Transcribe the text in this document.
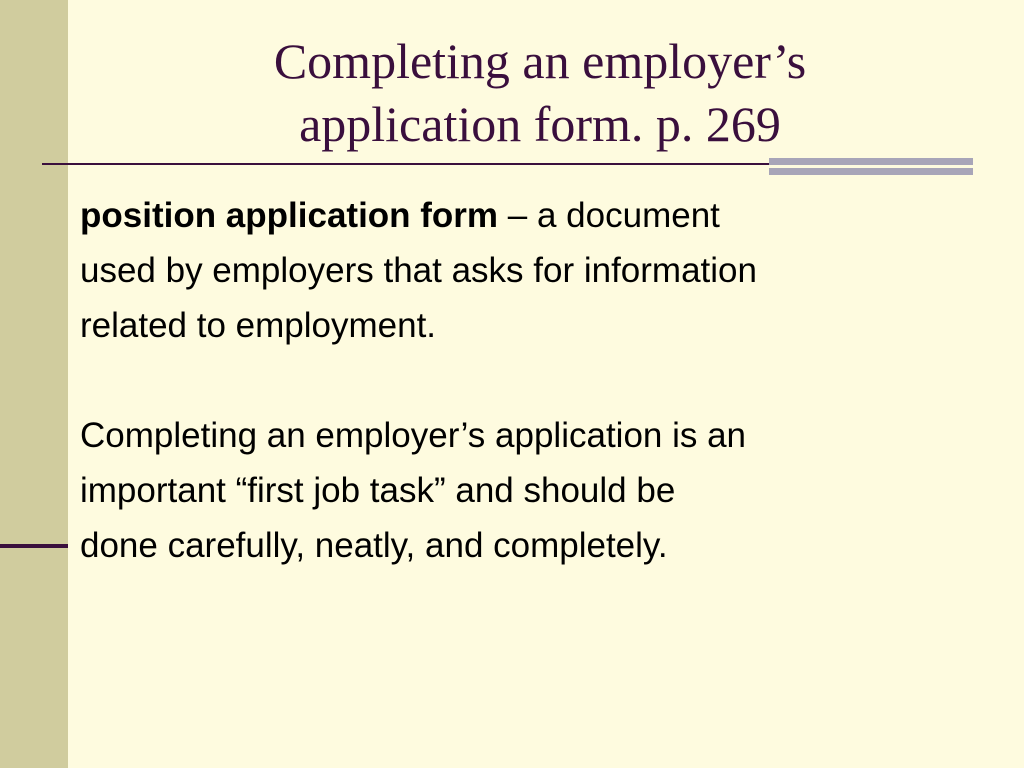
Completing an employer’s
application form. p. 269

position application form – a document
used by employers that asks for information
related to employment.

Completing an employer’s application is an
important “first job task” and should be
done carefully, neatly, and completely.
